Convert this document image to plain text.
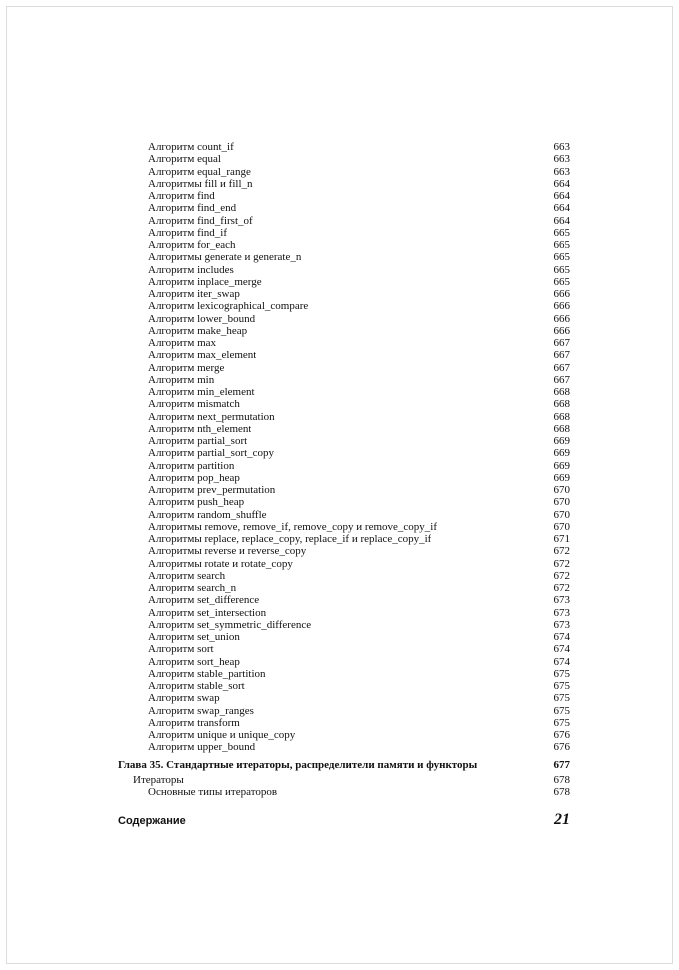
Алгоритм count_if	663
Алгоритм equal	663
Алгоритм equal_range	663
Алгоритмы fill и fill_n	664
Алгоритм find	664
Алгоритм find_end	664
Алгоритм find_first_of	664
Алгоритм find_if	665
Алгоритм for_each	665
Алгоритмы generate и generate_n	665
Алгоритм includes	665
Алгоритм inplace_merge	665
Алгоритм iter_swap	666
Алгоритм lexicographical_compare	666
Алгоритм lower_bound	666
Алгоритм make_heap	666
Алгоритм max	667
Алгоритм max_element	667
Алгоритм merge	667
Алгоритм min	667
Алгоритм min_element	668
Алгоритм mismatch	668
Алгоритм next_permutation	668
Алгоритм nth_element	668
Алгоритм partial_sort	669
Алгоритм partial_sort_copy	669
Алгоритм partition	669
Алгоритм pop_heap	669
Алгоритм prev_permutation	670
Алгоритм push_heap	670
Алгоритм random_shuffle	670
Алгоритмы remove, remove_if, remove_copy и remove_copy_if	670
Алгоритмы replace, replace_copy, replace_if и replace_copy_if	671
Алгоритмы reverse и reverse_copy	672
Алгоритмы rotate и rotate_copy	672
Алгоритм search	672
Алгоритм search_n	672
Алгоритм set_difference	673
Алгоритм set_intersection	673
Алгоритм set_symmetric_difference	673
Алгоритм set_union	674
Алгоритм sort	674
Алгоритм sort_heap	674
Алгоритм stable_partition	675
Алгоритм stable_sort	675
Алгоритм swap	675
Алгоритм swap_ranges	675
Алгоритм transform	675
Алгоритм unique и unique_copy	676
Алгоритм upper_bound	676
Глава 35. Стандартные итераторы, распределители памяти и функторы	677
Итераторы	678
Основные типы итераторов	678
Содержание	21
